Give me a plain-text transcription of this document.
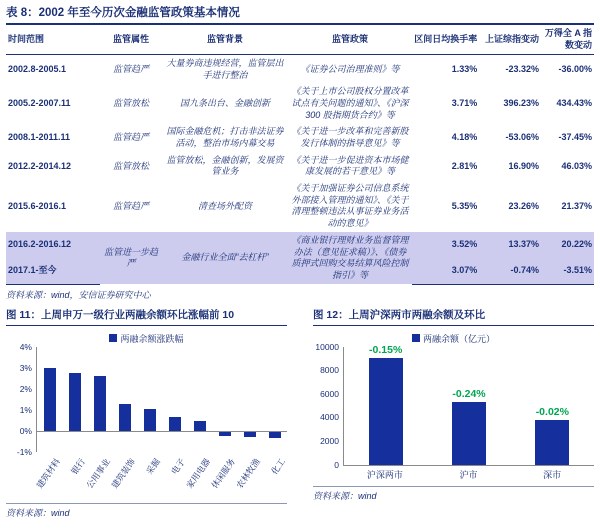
表 8：2002 年至今历次金融监管政策基本情况
时间范围	监管属性	监管背景	监管政策	区间日均换手率	上证综指变动	万得全 A 指数变动
2002.8-2005.1	监管趋严	大量券商违规经营，监管层出手进行整治	《证券公司治理准则》等	1.33%	-23.32%	-36.00%
2005.2-2007.11	监管放松	国九条出台、金融创新	《关于上市公司股权分置改革试点有关问题的通知》、《沪深 300 股指期货合约》等	3.71%	396.23%	434.43%
2008.1-2011.11	监管趋严	国际金融危机；打击非法证券活动，整治市场内幕交易	《关于进一步改革和完善新股发行体制的指导意见》等	4.18%	-53.06%	-37.45%
2012.2-2014.12	监管放松	监管放松，金融创新，发展资管业务	《关于进一步促进资本市场健康发展的若干意见》等	2.81%	16.90%	46.03%
2015.6-2016.1	监管趋严	清查场外配资	《关于加强证券公司信息系统外部接入管理的通知》、《关于清理整顿违法从事证券业务活动的意见》	5.35%	23.26%	21.37%
2016.2-2016.12	监管进一步趋严	金融行业全面“去杠杆”	《商业银行理财业务监督管理办法（意见征求稿）》、《债券质押式回购交易结算风险控制指引》等	3.52%	13.37%	20.22%
2017.1-至今				3.07%	-0.74%	-3.51%
资料来源：wind，安信证券研究中心
图 11：上周申万一级行业两融余额环比涨幅前 10
两融余额涨跌幅
4%
3%
2%
1%
0%
-1%
建筑材料 银行
公用事业
建筑装饰 采掘 电子
家用电器
休闲服务
农林牧渔 化工
资料来源：wind
图 12：上周沪深两市两融余额及环比
两融余额（亿元）
10000
8000
6000
4000
2000
0
-0.15%
-0.24%
-0.02%
沪深两市	沪市	深市
资料来源：wind
